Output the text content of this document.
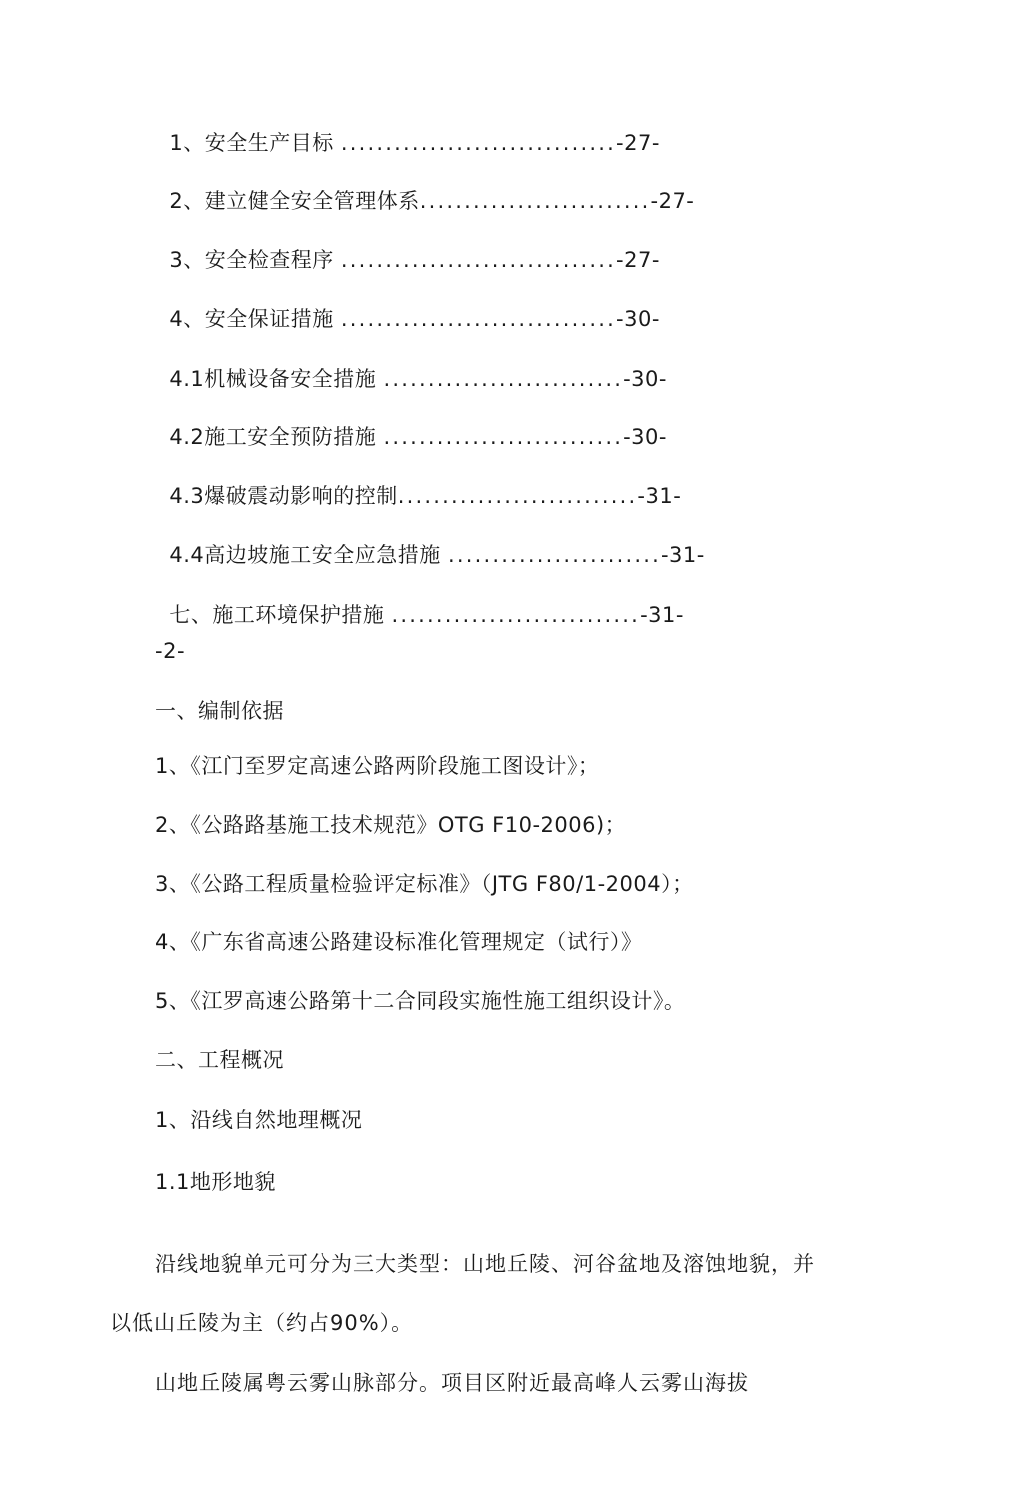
1、安全生产目标 ...............................-27-

2、建立健全安全管理体系..........................-27-

3、安全检查程序 ...............................-27-

4、安全保证措施 ...............................-30-

4.1机械设备安全措施 ...........................-30-

4.2施工安全预防措施 ...........................-30-

4.3爆破震动影响的控制...........................-31-

4.4高边坡施工安全应急措施 ........................-31-

七、施工环境保护措施 ............................-31-

-2-
一、编制依据
1、《江门至罗定高速公路两阶段施工图设计》；
2、《公路路基施工技术规范》OTG F10-2006)；
3、《公路工程质量检验评定标准》（JTG F80/1-2004）；
4、《广东省高速公路建设标准化管理规定（试行）》
5、《江罗高速公路第十二合同段实施性施工组织设计》。
二、工程概况
1、沿线自然地理概况
1.1地形地貌
沿线地貌单元可分为三大类型：山地丘陵、河谷盆地及溶蚀地貌，并
以低山丘陵为主（约占90%）。
山地丘陵属粤云雾山脉部分。项目区附近最高峰人云雾山海拔
